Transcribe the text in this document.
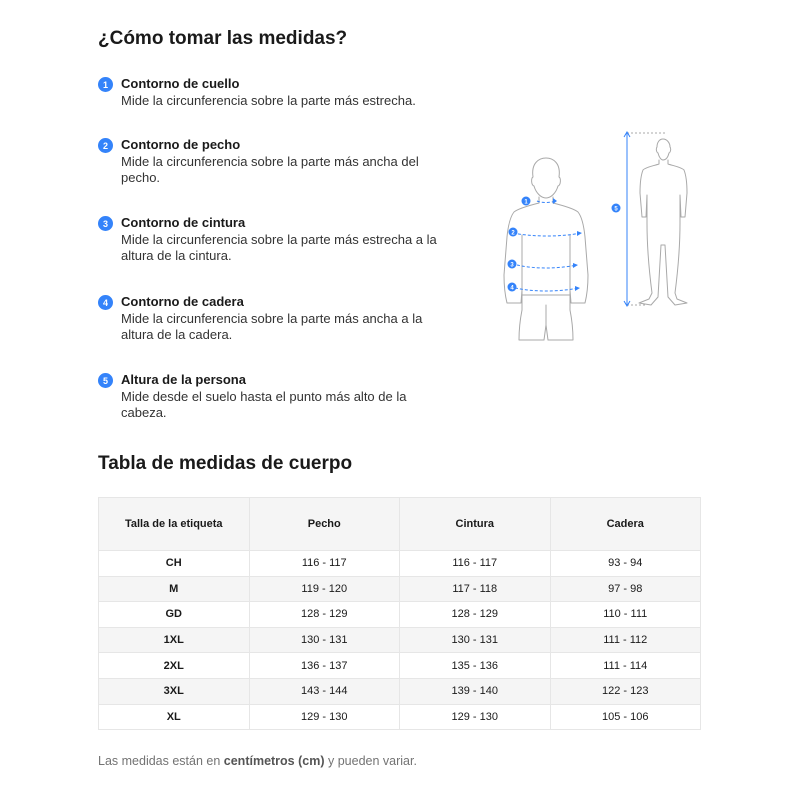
¿Cómo tomar las medidas?
1	Contorno de cuello
Mide la circunferencia sobre la parte más estrecha.
2	Contorno de pecho
Mide la circunferencia sobre la parte más ancha del pecho.
3	Contorno de cintura
Mide la circunferencia sobre la parte más estrecha a la altura de la cintura.
4	Contorno de cadera
Mide la circunferencia sobre la parte más ancha a la altura de la cadera.
5	Altura de la persona
Mide desde el suelo hasta el punto más alto de la cabeza.
1
2
3
4
5
Tabla de medidas de cuerpo
Talla de la etiqueta	Pecho	Cintura	Cadera
CH	116 - 117	116 - 117	93 - 94
M	119 - 120	117 - 118	97 - 98
GD	128 - 129	128 - 129	110 - 111
1XL	130 - 131	130 - 131	111 - 112
2XL	136 - 137	135 - 136	111 - 114
3XL	143 - 144	139 - 140	122 - 123
XL	129 - 130	129 - 130	105 - 106
Las medidas están en centímetros (cm) y pueden variar.
